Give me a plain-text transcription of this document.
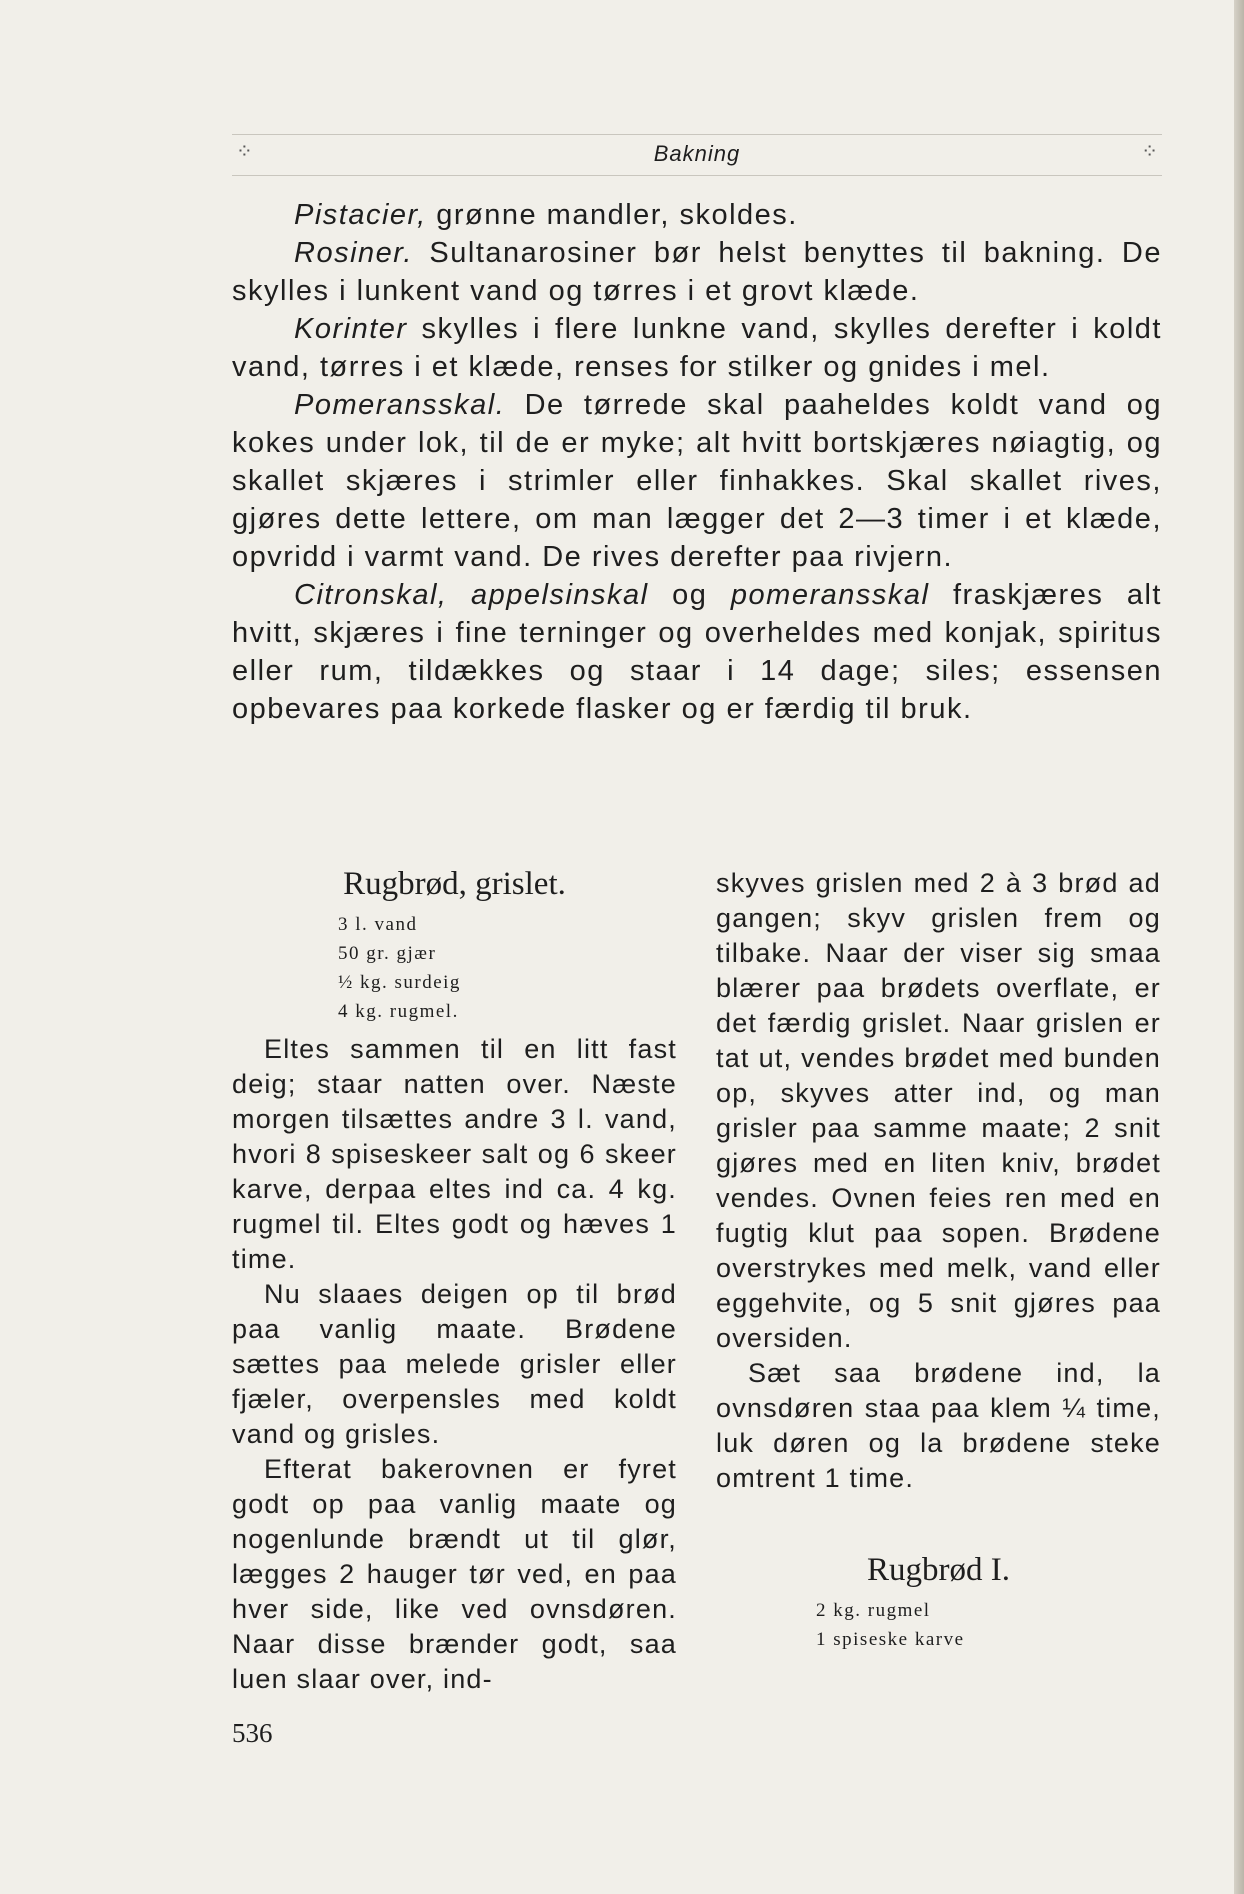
⁘	Bakning	⁘

Pistacier, grønne mandler, skoldes.

Rosiner. Sultanarosiner bør helst benyttes til bakning. De skylles i lunkent vand og tørres i et grovt klæde.

Korinter skylles i flere lunkne vand, skylles derefter i koldt vand, tørres i et klæde, renses for stilker og gnides i mel.

Pomeransskal. De tørrede skal paaheldes koldt vand og kokes under lok, til de er myke; alt hvitt bortskjæres nøiagtig, og skallet skjæres i strimler eller finhakkes. Skal skallet rives, gjøres dette lettere, om man lægger det 2—3 timer i et klæde, opvridd i varmt vand. De rives derefter paa rivjern.

Citronskal, appelsinskal og pomeransskal fraskjæres alt hvitt, skjæres i fine terninger og overheldes med konjak, spiritus eller rum, tildækkes og staar i 14 dage; siles; essensen opbevares paa korkede flasker og er færdig til bruk.

Rugbrød, grislet.
3 l. vand
50 gr. gjær
½ kg. surdeig
4 kg. rugmel.

Eltes sammen til en litt fast deig; staar natten over. Næste morgen tilsættes andre 3 l. vand, hvori 8 spiseskeer salt og 6 skeer karve, derpaa eltes ind ca. 4 kg. rugmel til. Eltes godt og hæves 1 time.

Nu slaaes deigen op til brød paa vanlig maate. Brødene sættes paa melede grisler eller fjæler, overpensles med koldt vand og grisles.

Efterat bakerovnen er fyret godt op paa vanlig maate og nogenlunde brændt ut til glør, lægges 2 hauger tør ved, en paa hver side, like ved ovnsdøren. Naar disse brænder godt, saa luen slaar over, ind-

skyves grislen med 2 à 3 brød ad gangen; skyv grislen frem og tilbake. Naar der viser sig smaa blærer paa brødets overflate, er det færdig grislet. Naar grislen er tat ut, vendes brødet med bunden op, skyves atter ind, og man grisler paa samme maate; 2 snit gjøres med en liten kniv, brødet vendes. Ovnen feies ren med en fugtig klut paa sopen. Brødene overstrykes med melk, vand eller eggehvite, og 5 snit gjøres paa oversiden.

Sæt saa brødene ind, la ovnsdøren staa paa klem ¼ time, luk døren og la brødene steke omtrent 1 time.

Rugbrød I.
2 kg. rugmel
1 spiseske karve
536
